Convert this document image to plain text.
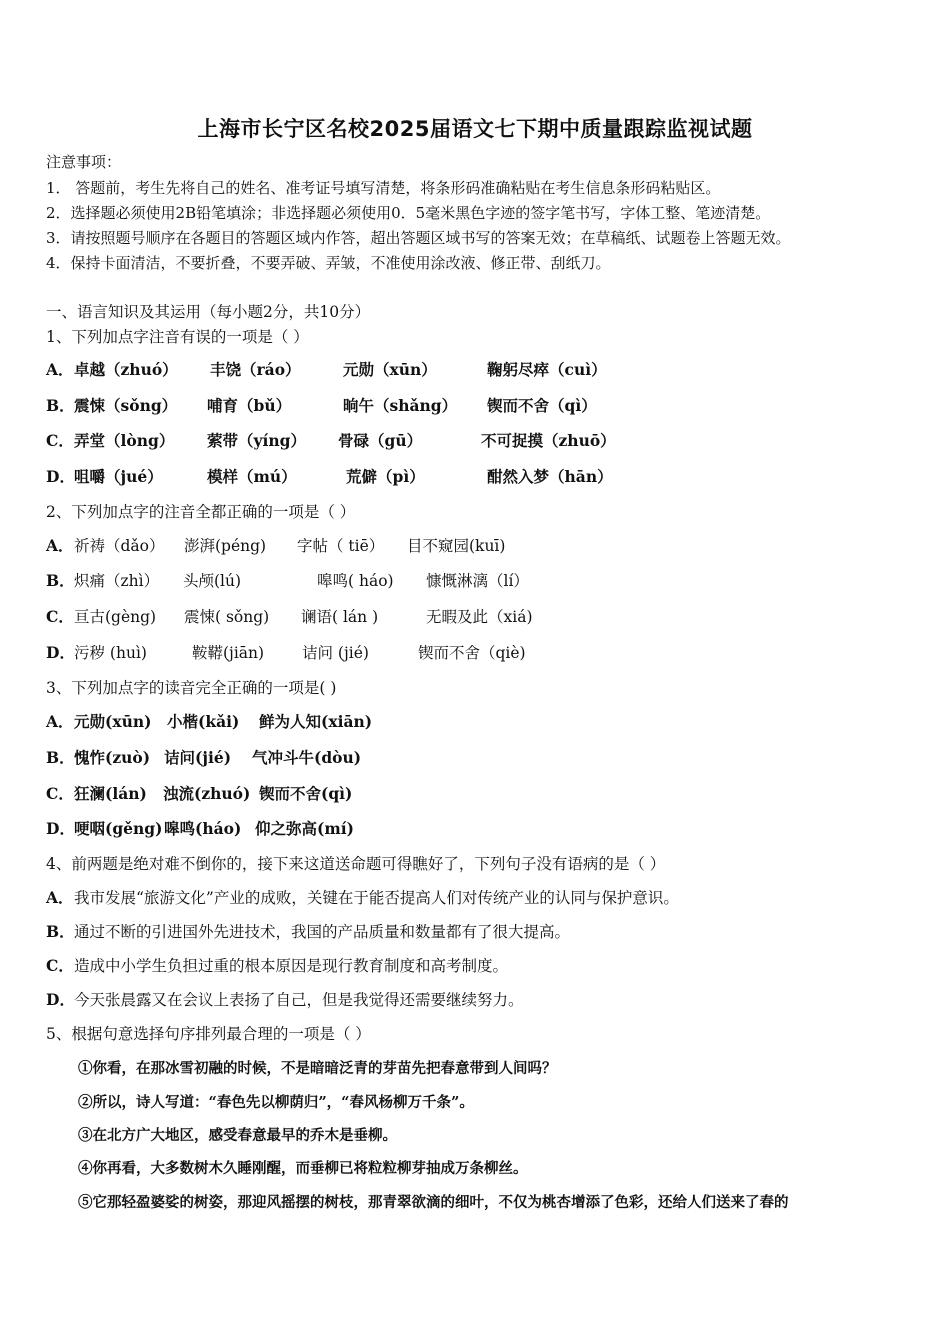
上海市长宁区名校2025届语文七下期中质量跟踪监视试题
注意事项：
1． 答题前，考生先将自己的姓名、准考证号填写清楚，将条形码准确粘贴在考生信息条形码粘贴区。
2．选择题必须使用2B铅笔填涂；非选择题必须使用0．5毫米黑色字迹的签字笔书写，字体工整、笔迹清楚。
3．请按照题号顺序在各题目的答题区域内作答，超出答题区域书写的答案无效；在草稿纸、试题卷上答题无效。
4．保持卡面清洁，不要折叠，不要弄破、弄皱，不准使用涂改液、修正带、刮纸刀。
一、语言知识及其运用（每小题2分，共10分）
1、下列加点字注音有误的一项是（ ）
A． 卓越（zhuó） 丰饶（ráo）	元勋（xūn）	鞠躬尽瘁（cuì）
B． 震悚（sǒng） 哺育（bǔ）	晌午（shǎng） 锲而不舍（qì）
C． 弄堂（lòng） 萦带（yíng） 骨碌（gū）	不可捉摸（zhuō）
D． 咀嚼（jué）	模样（mú）	荒僻（pì）	酣然入梦（hān）
2、下列加点字的注音全都正确的一项是（ ）
A． 祈祷（dǎo） 澎湃(péng) 字帖（ tiē） 目不窥园(kuī)
B． 炽痛（zhì） 头颅(lú)	嗥鸣( háo) 慷慨淋漓（lí）
C． 亘古(gèng) 震悚( sǒng) 谰语( lán )	无暇及此（xiá)
D． 污秽 (huì)	鞍鞯(jiān) 诘问 (jié)	锲而不舍（qiè)
3、下列加点字的读音完全正确的一项是( )
A． 元勋(xūn) 小楷(kǎi) 鲜为人知(xiān)
B． 愧怍(zuò) 诘问(jié) 气冲斗牛(dòu)
C． 狂澜(lán) 浊流(zhuó) 锲而不舍(qì)
D． 哽咽(gěng) 嗥鸣(háo) 仰之弥高(mí)
4、前两题是绝对难不倒你的，接下来这道送命题可得瞧好了，下列句子没有语病的是（ ）
A． 我市发展“旅游文化”产业的成败，关键在于能否提高人们对传统产业的认同与保护意识。
B． 通过不断的引进国外先进技术，我国的产品质量和数量都有了很大提高。
C． 造成中小学生负担过重的根本原因是现行教育制度和高考制度。
D． 今天张晨露又在会议上表扬了自己，但是我觉得还需要继续努力。
5、根据句意选择句序排列最合理的一项是（ ）
①你看，在那冰雪初融的时候，不是暗暗泛青的芽苗先把春意带到人间吗？
②所以，诗人写道：“春色先以柳荫归”，“春风杨柳万千条”。
③在北方广大地区，感受春意最早的乔木是垂柳。
④你再看，大多数树木久睡刚醒，而垂柳已将粒粒柳芽抽成万条柳丝。
⑤它那轻盈婆娑的树姿，那迎风摇摆的树枝，那青翠欲滴的细叶，不仅为桃杏增添了色彩，还给人们送来了春的
